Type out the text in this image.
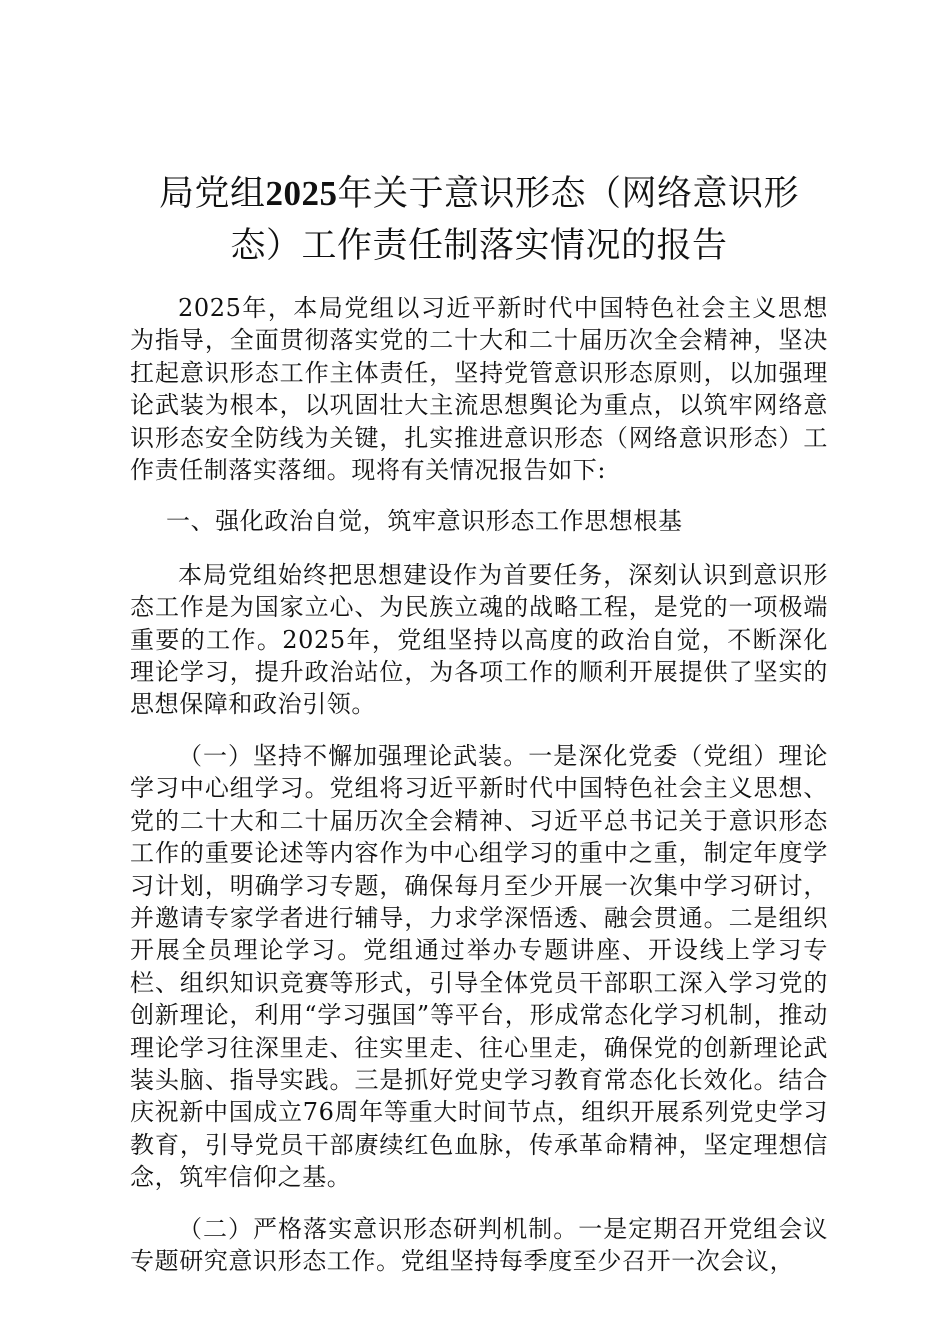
局党组2025年关于意识形态（网络意识形
态）工作责任制落实情况的报告

2025年，本局党组以习近平新时代中国特色社会主义思想为指导，全面贯彻落实党的二十大和二十届历次全会精神，坚决扛起意识形态工作主体责任，坚持党管意识形态原则，以加强理论武装为根本，以巩固壮大主流思想舆论为重点，以筑牢网络意识形态安全防线为关键，扎实推进意识形态（网络意识形态）工作责任制落实落细。现将有关情况报告如下:

一、强化政治自觉，筑牢意识形态工作思想根基

本局党组始终把思想建设作为首要任务，深刻认识到意识形态工作是为国家立心、为民族立魂的战略工程，是党的一项极端重要的工作。2025年，党组坚持以高度的政治自觉，不断深化理论学习，提升政治站位，为各项工作的顺利开展提供了坚实的思想保障和政治引领。

（一）坚持不懈加强理论武装。一是深化党委（党组）理论学习中心组学习。党组将习近平新时代中国特色社会主义思想、党的二十大和二十届历次全会精神、习近平总书记关于意识形态工作的重要论述等内容作为中心组学习的重中之重，制定年度学习计划，明确学习专题，确保每月至少开展一次集中学习研讨，并邀请专家学者进行辅导，力求学深悟透、融会贯通。二是组织开展全员理论学习。党组通过举办专题讲座、开设线上学习专栏、组织知识竞赛等形式，引导全体党员干部职工深入学习党的创新理论，利用“学习强国”等平台，形成常态化学习机制，推动理论学习往深里走、往实里走、往心里走，确保党的创新理论武装头脑、指导实践。三是抓好党史学习教育常态化长效化。结合庆祝新中国成立76周年等重大时间节点，组织开展系列党史学习教育，引导党员干部赓续红色血脉，传承革命精神，坚定理想信念，筑牢信仰之基。

（二）严格落实意识形态研判机制。一是定期召开党组会议专题研究意识形态工作。党组坚持每季度至少召开一次会议，
